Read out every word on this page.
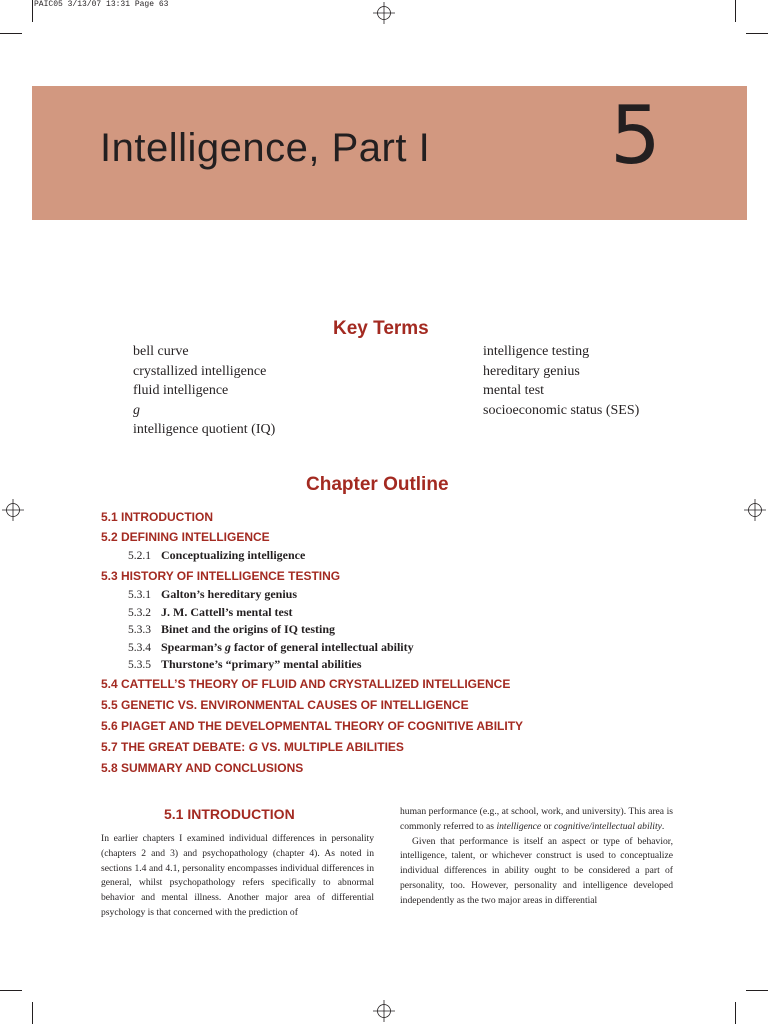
PAIC05 3/13/07 13:31 Page 63
Intelligence, Part I 5
Key Terms
bell curve
crystallized intelligence
fluid intelligence
g
intelligence quotient (IQ)
intelligence testing
hereditary genius
mental test
socioeconomic status (SES)
Chapter Outline
5.1 INTRODUCTION
5.2 DEFINING INTELLIGENCE
5.2.1 Conceptualizing intelligence
5.3 HISTORY OF INTELLIGENCE TESTING
5.3.1 Galton’s hereditary genius
5.3.2 J. M. Cattell’s mental test
5.3.3 Binet and the origins of IQ testing
5.3.4 Spearman’s g factor of general intellectual ability
5.3.5 Thurstone’s “primary” mental abilities
5.4 CATTELL’S THEORY OF FLUID AND CRYSTALLIZED INTELLIGENCE
5.5 GENETIC VS. ENVIRONMENTAL CAUSES OF INTELLIGENCE
5.6 PIAGET AND THE DEVELOPMENTAL THEORY OF COGNITIVE ABILITY
5.7 THE GREAT DEBATE: G VS. MULTIPLE ABILITIES
5.8 SUMMARY AND CONCLUSIONS
5.1 INTRODUCTION

In earlier chapters I examined individual differences in personality (chapters 2 and 3) and psychopathology (chapter 4). As noted in sections 1.4 and 4.1, personality encompasses individual differences in general, whilst psychopathology refers specifically to abnormal behavior and mental illness. Another major area of differential psychology is that concerned with the prediction of

human performance (e.g., at school, work, and university). This area is commonly referred to as intelligence or cognitive/intellectual ability.

Given that performance is itself an aspect or type of behavior, intelligence, talent, or whichever construct is used to conceptualize individual differences in ability ought to be considered a part of personality, too. However, personality and intelligence developed independently as the two major areas in differential
